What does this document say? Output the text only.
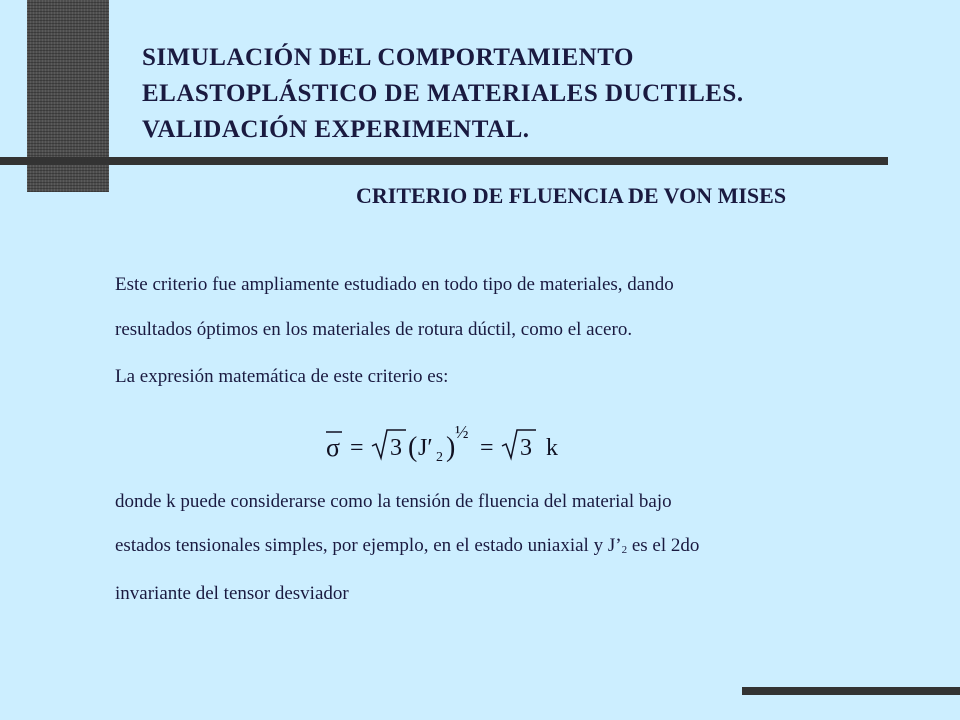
SIMULACIÓN DEL COMPORTAMIENTO
ELASTOPLÁSTICO DE MATERIALES DUCTILES.
VALIDACIÓN EXPERIMENTAL.
CRITERIO DE FLUENCIA DE VON MISES
Este criterio fue ampliamente estudiado en todo tipo de materiales, dando
resultados óptimos en los materiales de rotura dúctil, como el acero.
La expresión matemática de este criterio es:
σ = 3 ( J′ 2 ) ½
= 3 k
donde k puede considerarse como la tensión de fluencia del material bajo
estados tensionales simples, por ejemplo, en el estado uniaxial y $J’_2$ es el 2do
invariante del tensor desviador
